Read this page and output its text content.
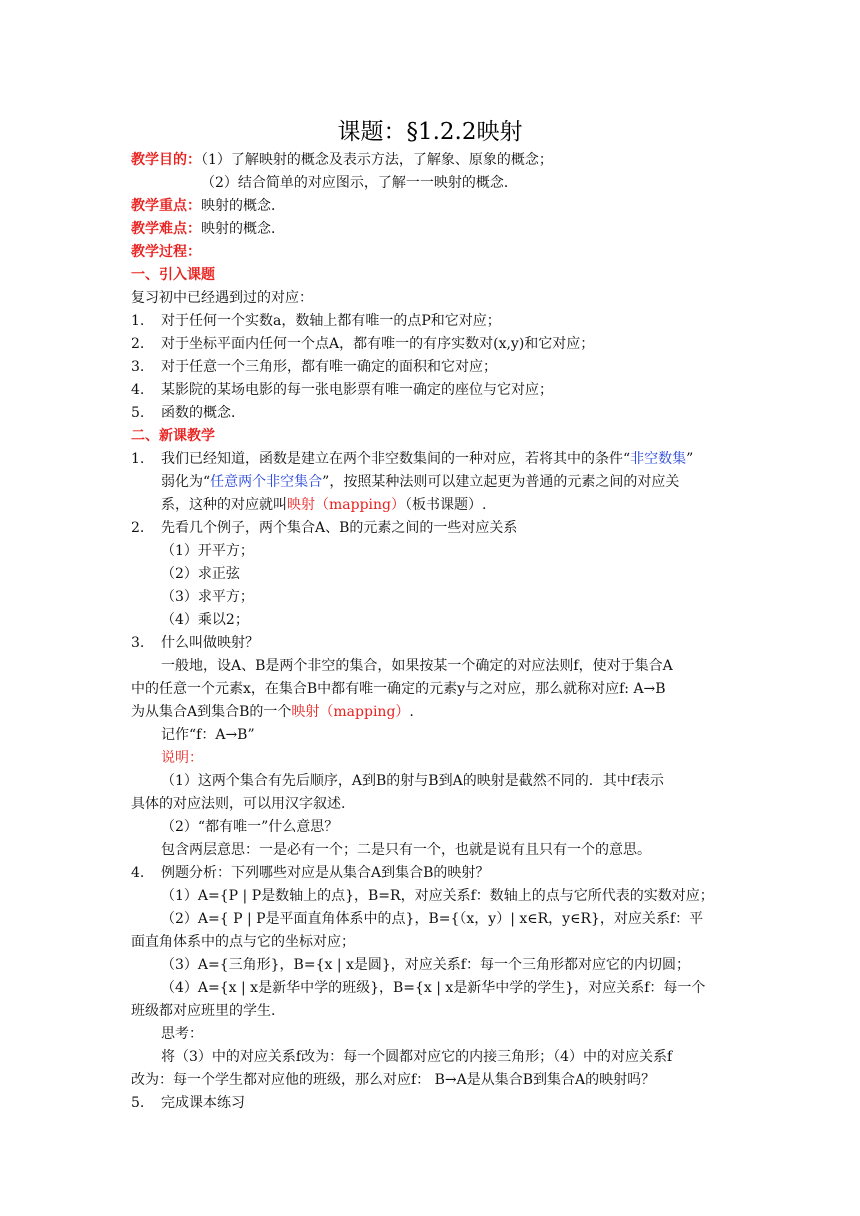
课题：§1.2.2映射
教学目的：（1）了解映射的概念及表示方法，了解象、原象的概念；
（2）结合简单的对应图示，了解一一映射的概念．
教学重点：映射的概念．
教学难点：映射的概念．
教学过程：
一、引入课题
复习初中已经遇到过的对应：
1. 对于任何一个实数a，数轴上都有唯一的点P和它对应；
2. 对于坐标平面内任何一个点A，都有唯一的有序实数对(x,y)和它对应；
3. 对于任意一个三角形，都有唯一确定的面积和它对应；
4. 某影院的某场电影的每一张电影票有唯一确定的座位与它对应；
5. 函数的概念．
二、新课教学
1. 我们已经知道，函数是建立在两个非空数集间的一种对应，若将其中的条件“非空数集”
弱化为“任意两个非空集合”，按照某种法则可以建立起更为普通的元素之间的对应关
系，这种的对应就叫映射（mapping）（板书课题）.
2. 先看几个例子，两个集合A、B的元素之间的一些对应关系
（1）开平方；
（2）求正弦
（3）求平方；
（4）乘以2；
3. 什么叫做映射？
一般地，设A、B是两个非空的集合，如果按某一个确定的对应法则f，使对于集合A
中的任意一个元素x，在集合B中都有唯一确定的元素y与之对应，那么就称对应f: A→B
为从集合A到集合B的一个映射（mapping）.
记作“f：A→B”
说明：
（1）这两个集合有先后顺序，A到B的射与B到A的映射是截然不同的．其中f表示
具体的对应法则，可以用汉字叙述.
（2）“都有唯一”什么意思？
包含两层意思：一是必有一个；二是只有一个，也就是说有且只有一个的意思。
4. 例题分析：下列哪些对应是从集合A到集合B的映射？
（1）A={P | P是数轴上的点}，B=R，对应关系f：数轴上的点与它所代表的实数对应；
（2）A={ P | P是平面直角体系中的点}，B={（x，y）| x∈R，y∈R}，对应关系f：平
面直角体系中的点与它的坐标对应；
（3）A={三角形}，B={x | x是圆}，对应关系f：每一个三角形都对应它的内切圆；
（4）A={x | x是新华中学的班级}，B={x | x是新华中学的学生}，对应关系f：每一个
班级都对应班里的学生.
思考：
将（3）中的对应关系f改为：每一个圆都对应它的内接三角形；（4）中的对应关系f
改为：每一个学生都对应他的班级，那么对应f： B→A是从集合B到集合A的映射吗？
5. 完成课本练习
